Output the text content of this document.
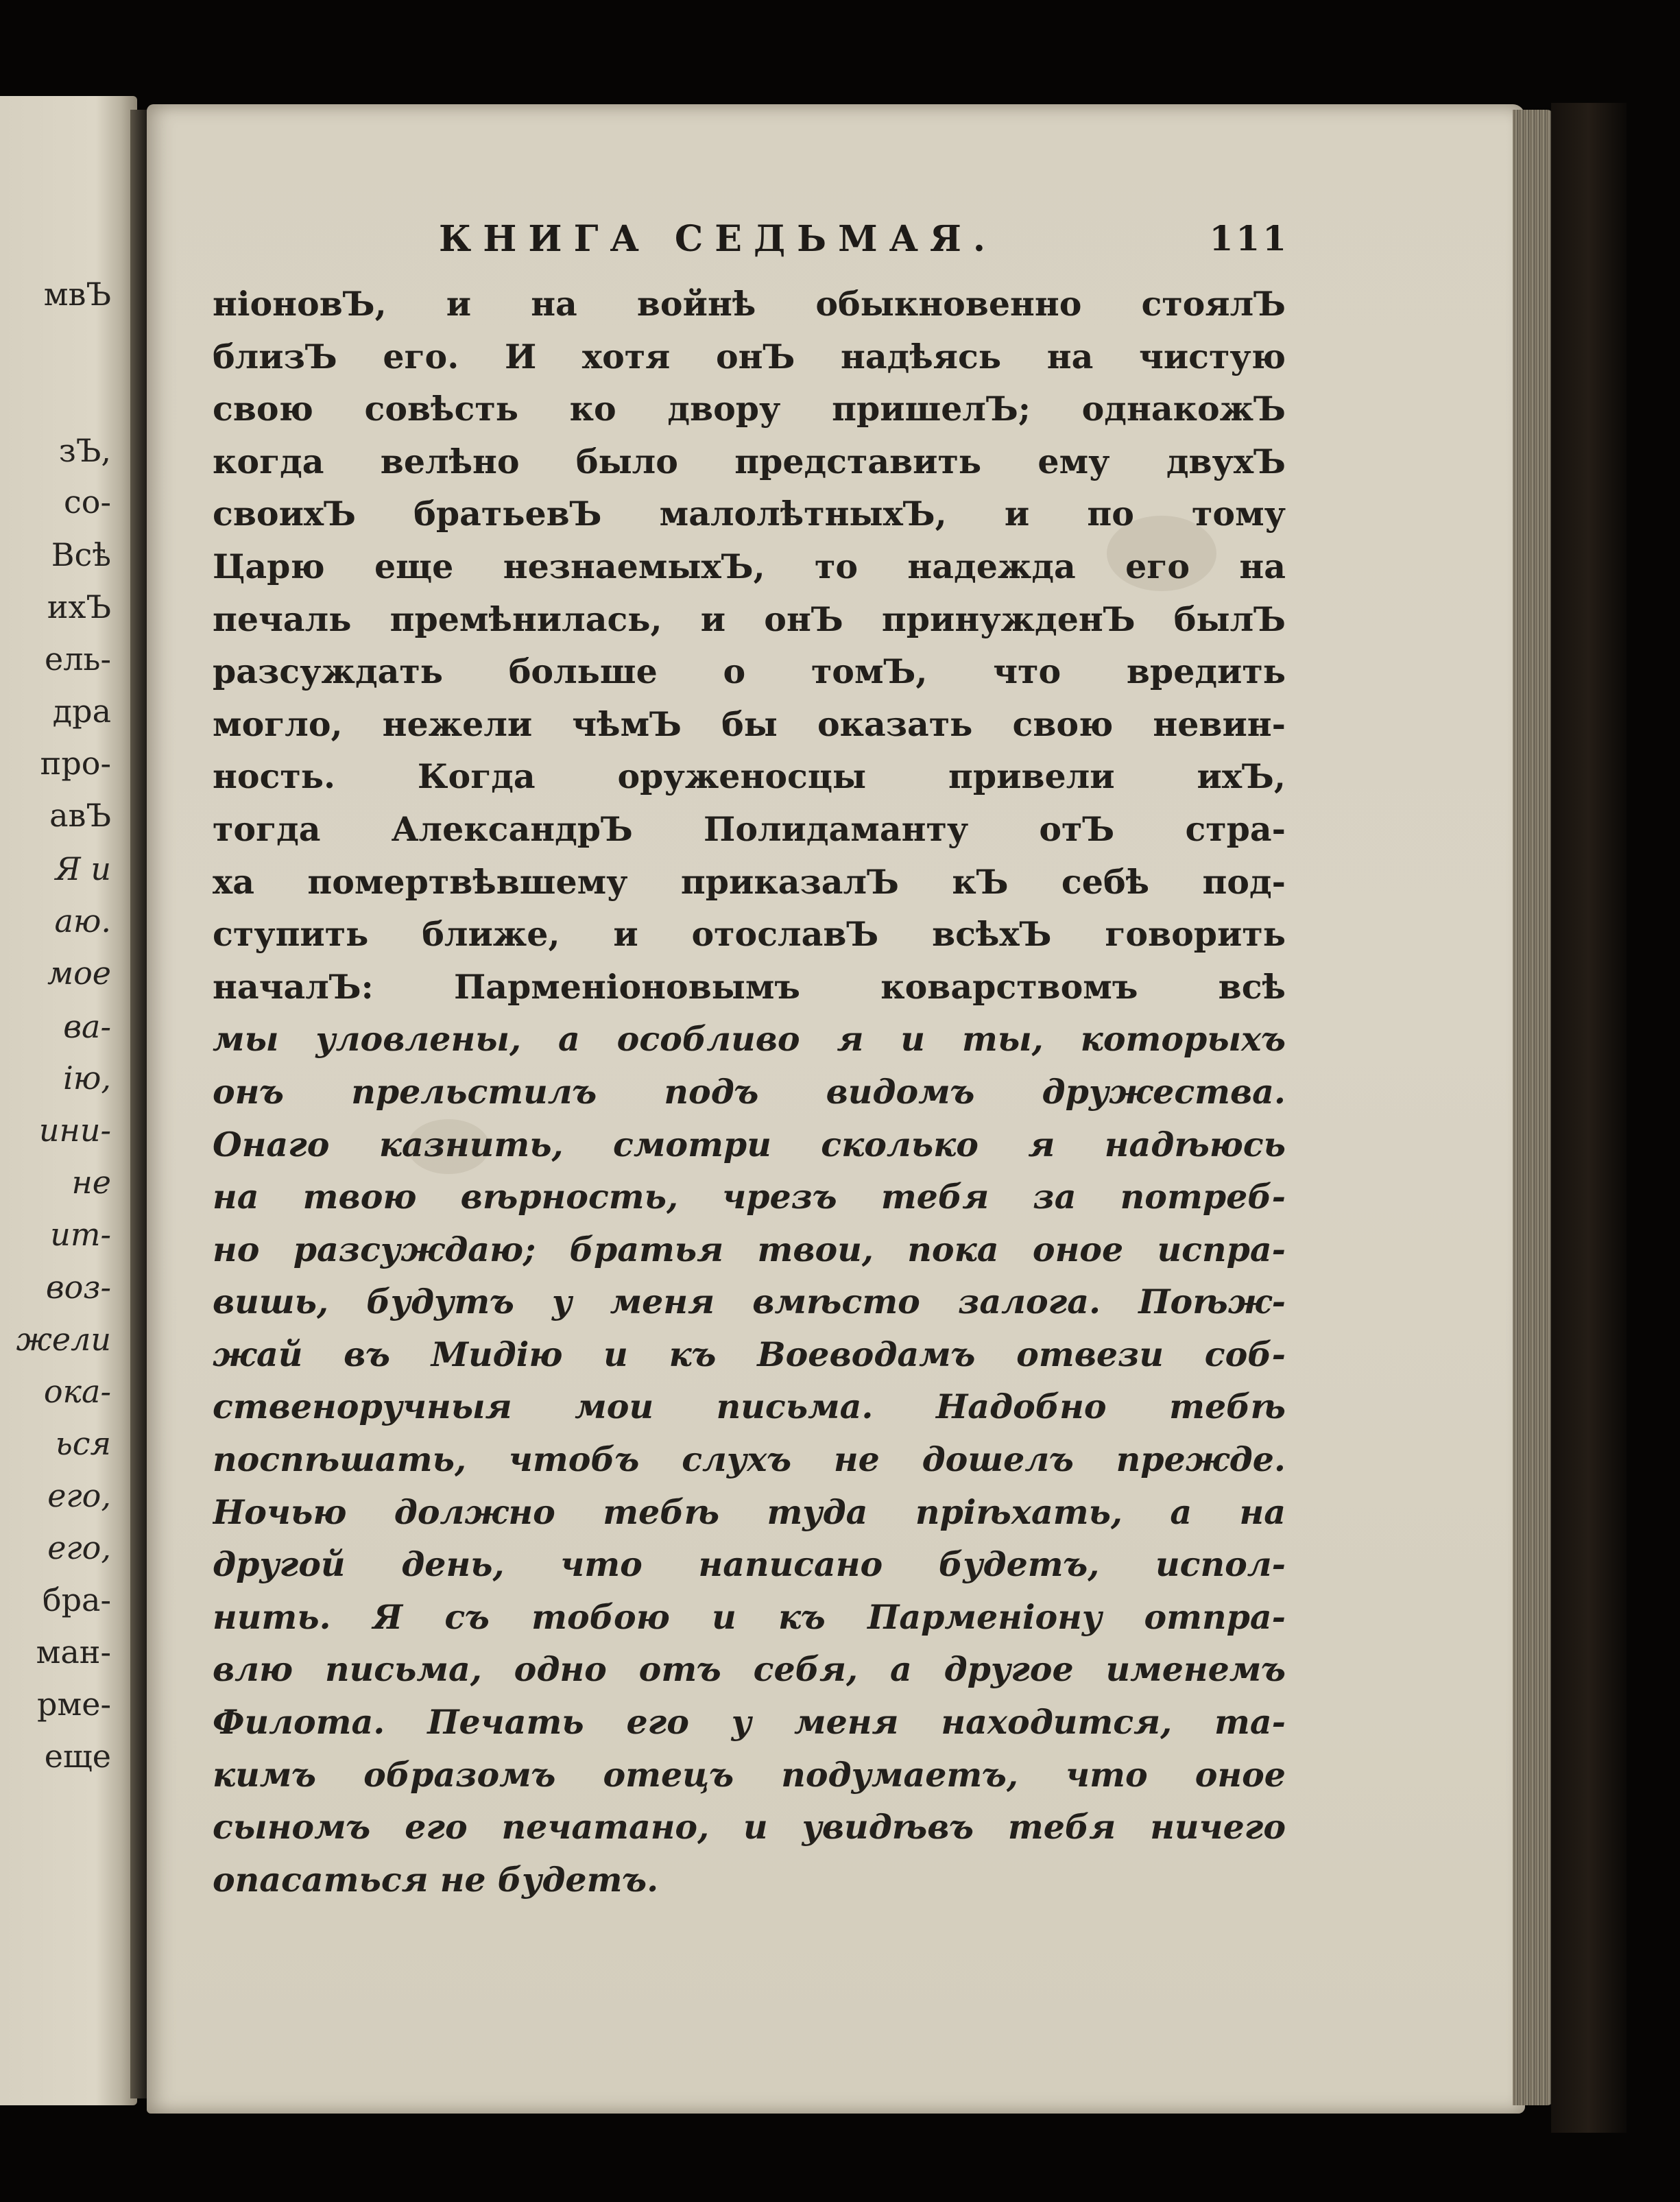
мвЪ
зЪ,
со-
Всѣ
ихЪ
ель-
дра
про-
авЪ
Я и
аю.
мое
ва-
ію,
ини-
не
ит-
воз-
жели
ока-
ься
его,
его,
бра-
ман-
рме-
еще
КНИГА СЕДЬМАЯ.	111
ніоновЪ, и на войнѣ обыкновенно стоялЪ
близЪ его. И хотя онЪ надѣясь на чистую
свою совѣсть ко двору пришелЪ; однакожЪ
когда велѣно было представить ему двухЪ
своихЪ братьевЪ малолѣтныхЪ, и по тому
Царю еще незнаемыхЪ, то надежда его на
печаль премѣнилась, и онЪ принужденЪ былЪ
разсуждать больше о томЪ, что вредить
могло, нежели чѣмЪ бы оказать свою невин-
ность. Когда оруженосцы привели ихЪ,
тогда АлександрЪ Полидаманту отЪ стра-
ха помертвѣвшему приказалЪ кЪ себѣ под-
ступить ближе, и отославЪ всѣхЪ говорить
началЪ: Парменіоновымъ коварствомъ всѣ
мы уловлены, а особливо я и ты, которыхъ
онъ прельстилъ подъ видомъ дружества.
Онаго казнить, смотри сколько я надѣюсь
на твою вѣрность, чрезъ тебя за потреб-
но разсуждаю; братья твои, пока оное испра-
вишь, будутъ у меня вмѣсто залога. Поѣж-
жай въ Мидію и къ Воеводамъ отвези соб-
ственоручныя мои письма. Надобно тебѣ
поспѣшать, чтобъ слухъ не дошелъ прежде.
Ночью должно тебѣ туда пріѣхать, а на
другой день, что написано будетъ, испол-
нить. Я съ тобою и къ Парменіону отпра-
влю письма, одно отъ себя, а другое именемъ
Филота. Печать его у меня находится, та-
кимъ образомъ отецъ подумаетъ, что оное
сыномъ его печатано, и увидѣвъ тебя ничего
опасаться не будетъ.
